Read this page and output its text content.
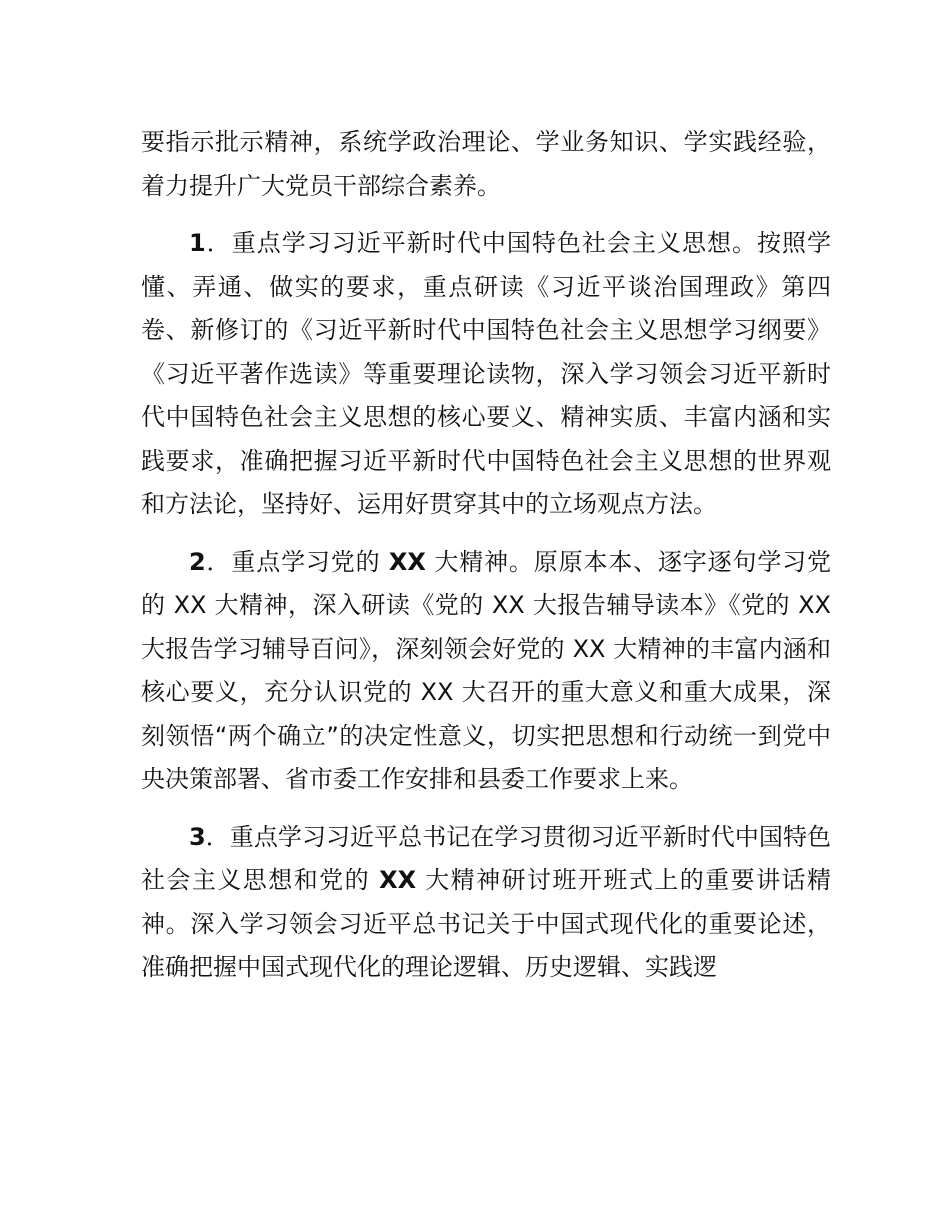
要指示批示精神，系统学政治理论、学业务知识、学实践经验，着力提升广大党员干部综合素养。

1．重点学习习近平新时代中国特色社会主义思想。按照学懂、弄通、做实的要求，重点研读《习近平谈治国理政》第四卷、新修订的《习近平新时代中国特色社会主义思想学习纲要》《习近平著作选读》等重要理论读物，深入学习领会习近平新时代中国特色社会主义思想的核心要义、精神实质、丰富内涵和实践要求，准确把握习近平新时代中国特色社会主义思想的世界观和方法论，坚持好、运用好贯穿其中的立场观点方法。

2．重点学习党的 XX 大精神。原原本本、逐字逐句学习党的 XX 大精神，深入研读《党的 XX 大报告辅导读本》《党的 XX 大报告学习辅导百问》，深刻领会好党的 XX 大精神的丰富内涵和核心要义，充分认识党的 XX 大召开的重大意义和重大成果，深刻领悟“两个确立”的决定性意义，切实把思想和行动统一到党中央决策部署、省市委工作安排和县委工作要求上来。

3．重点学习习近平总书记在学习贯彻习近平新时代中国特色社会主义思想和党的 XX 大精神研讨班开班式上的重要讲话精神。深入学习领会习近平总书记关于中国式现代化的重要论述，准确把握中国式现代化的理论逻辑、历史逻辑、实践逻
